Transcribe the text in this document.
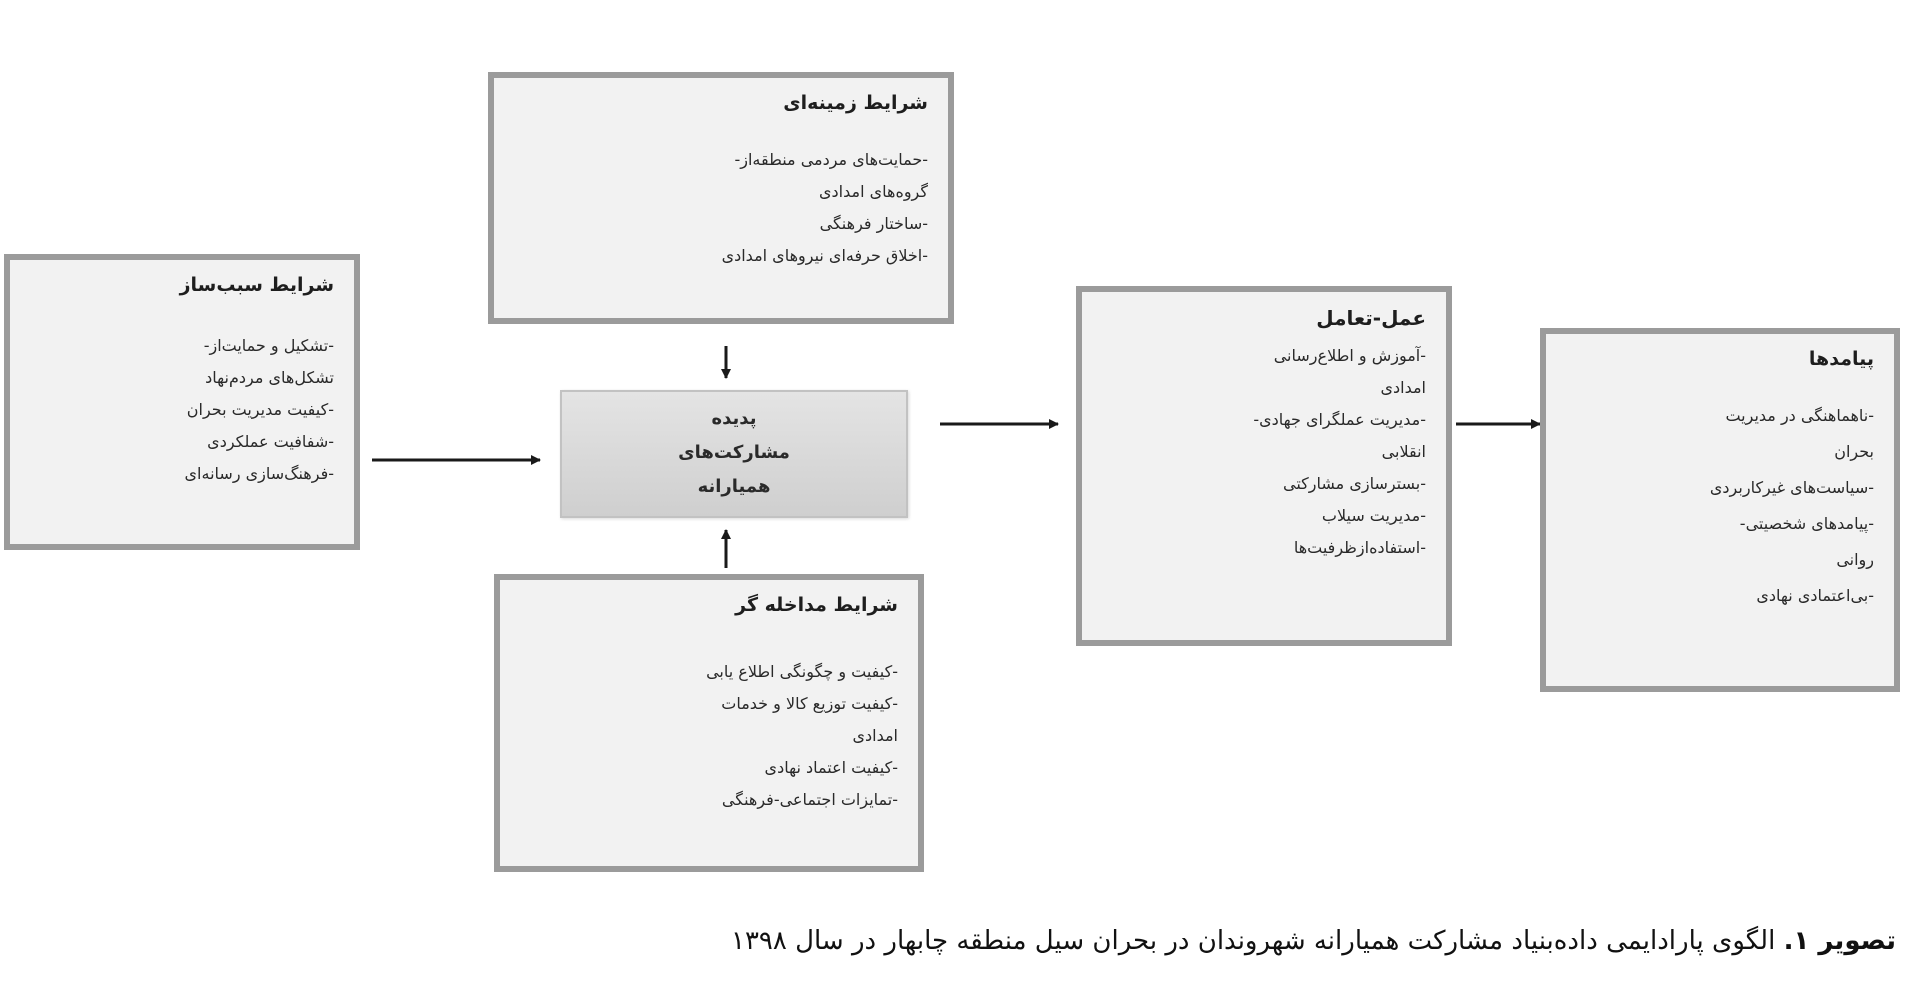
شرایط زمینه‌ای
-حمایت‌های مردمی منطقه‌از-
گروه‌های امدادی
-ساختار فرهنگی
-اخلاق حرفه‌ای نیروهای امدادی
شرایط سبب‌ساز
-تشکیل و حمایت‌از-
تشکل‌های مردم‌نهاد
-کیفیت مدیریت بحران
-شفافیت عملکردی
-فرهنگ‌سازی رسانه‌ای
پدیده
مشارکت‌های
همیارانه
شرایط مداخله گر
-کیفیت و چگونگی اطلاع یابی
-کیفیت توزیع کالا و خدمات
امدادی
-کیفیت اعتماد نهادی
-تمایزات اجتماعی-فرهنگی
عمل-تعامل
-آموزش و اطلاع‌رسانی
امدادی
-مدیریت عملگرای جهادی-
انقلابی
-بسترسازی مشارکتی
-مدیریت سیلاب
-استفاده‌از‌ظرفیت‌ها
پیامدها
-ناهماهنگی در مدیریت
بحران
-سیاست‌های غیرکاربردی
-پیامدهای شخصیتی-
روانی
-بی‌اعتمادی نهادی
تصویر ۱. الگوی پارادایمی داده‌بنیاد مشارکت همیارانه شهروندان در بحران سیل منطقه چابهار در سال ۱۳۹۸
